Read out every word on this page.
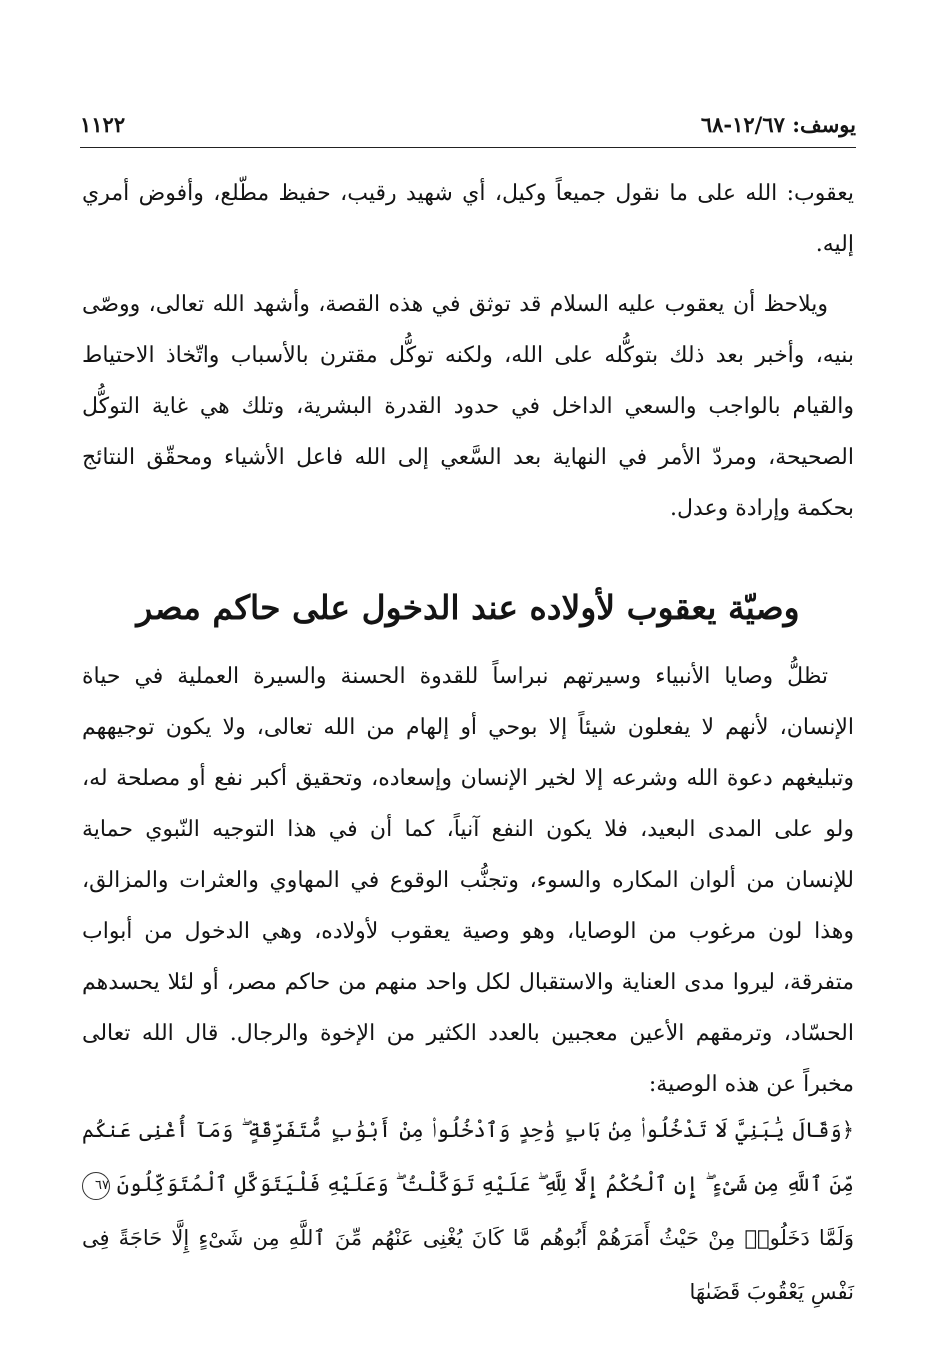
يوسف: ١٢/٦٧-٦٨
١١٢٢

يعقوب: الله على ما نقول جميعاً وكيل، أي شهيد رقيب، حفيظ مطّلع، وأفوض أمري إليه.

ويلاحظ أن يعقوب عليه السلام قد توثق في هذه القصة، وأشهد الله تعالى، ووصّى بنيه، وأخبر بعد ذلك بتوكُّله على الله، ولكنه توكُّل مقترن بالأسباب واتّخاذ الاحتياط والقيام بالواجب والسعي الداخل في حدود القدرة البشرية، وتلك هي غاية التوكُّل الصحيحة، ومردّ الأمر في النهاية بعد السَّعي إلى الله فاعل الأشياء ومحقّق النتائج بحكمة وإرادة وعدل.

وصيّة يعقوب لأولاده عند الدخول على حاكم مصر

تظلُّ وصايا الأنبياء وسيرتهم نبراساً للقدوة الحسنة والسيرة العملية في حياة الإنسان، لأنهم لا يفعلون شيئاً إلا بوحي أو إلهام من الله تعالى، ولا يكون توجيههم وتبليغهم دعوة الله وشرعه إلا لخير الإنسان وإسعاده، وتحقيق أكبر نفع أو مصلحة له، ولو على المدى البعيد، فلا يكون النفع آنياً، كما أن في هذا التوجيه النّبوي حماية للإنسان من ألوان المكاره والسوء، وتجنُّب الوقوع في المهاوي والعثرات والمزالق، وهذا لون مرغوب من الوصايا، وهو وصية يعقوب لأولاده، وهي الدخول من أبواب متفرقة، ليروا مدى العناية والاستقبال لكل واحد منهم من حاكم مصر، أو لئلا يحسدهم الحسّاد، وترمقهم الأعين معجبين بالعدد الكثير من الإخوة والرجال. قال الله تعالى مخبراً عن هذه الوصية:

﴿وَقَالَ يَٰبَنِيَّ لَا تَدْخُلُوا۟ مِنۢ بَابٍ وَٰحِدٍ وَٱدْخُلُوا۟ مِنْ أَبْوَٰبٍ مُّتَفَرِّقَةٍ ۖ وَمَآ أُغْنِى عَنكُم مِّنَ ٱللَّهِ مِن شَىْءٍ ۖ إِنِ ٱلْحُكْمُ إِلَّا لِلَّهِ ۖ عَلَيْهِ تَوَكَّلْتُ ۖ وَعَلَيْهِ فَلْيَتَوَكَّلِ ٱلْمُتَوَكِّلُونَ ٦٧ وَلَمَّا دَخَلُوا۟ مِنْ حَيْثُ أَمَرَهُمْ أَبُوهُم مَّا كَانَ يُغْنِى عَنْهُم مِّنَ ٱللَّهِ مِن شَىْءٍ إِلَّا حَاجَةً فِى نَفْسِ يَعْقُوبَ قَضَىٰهَا
